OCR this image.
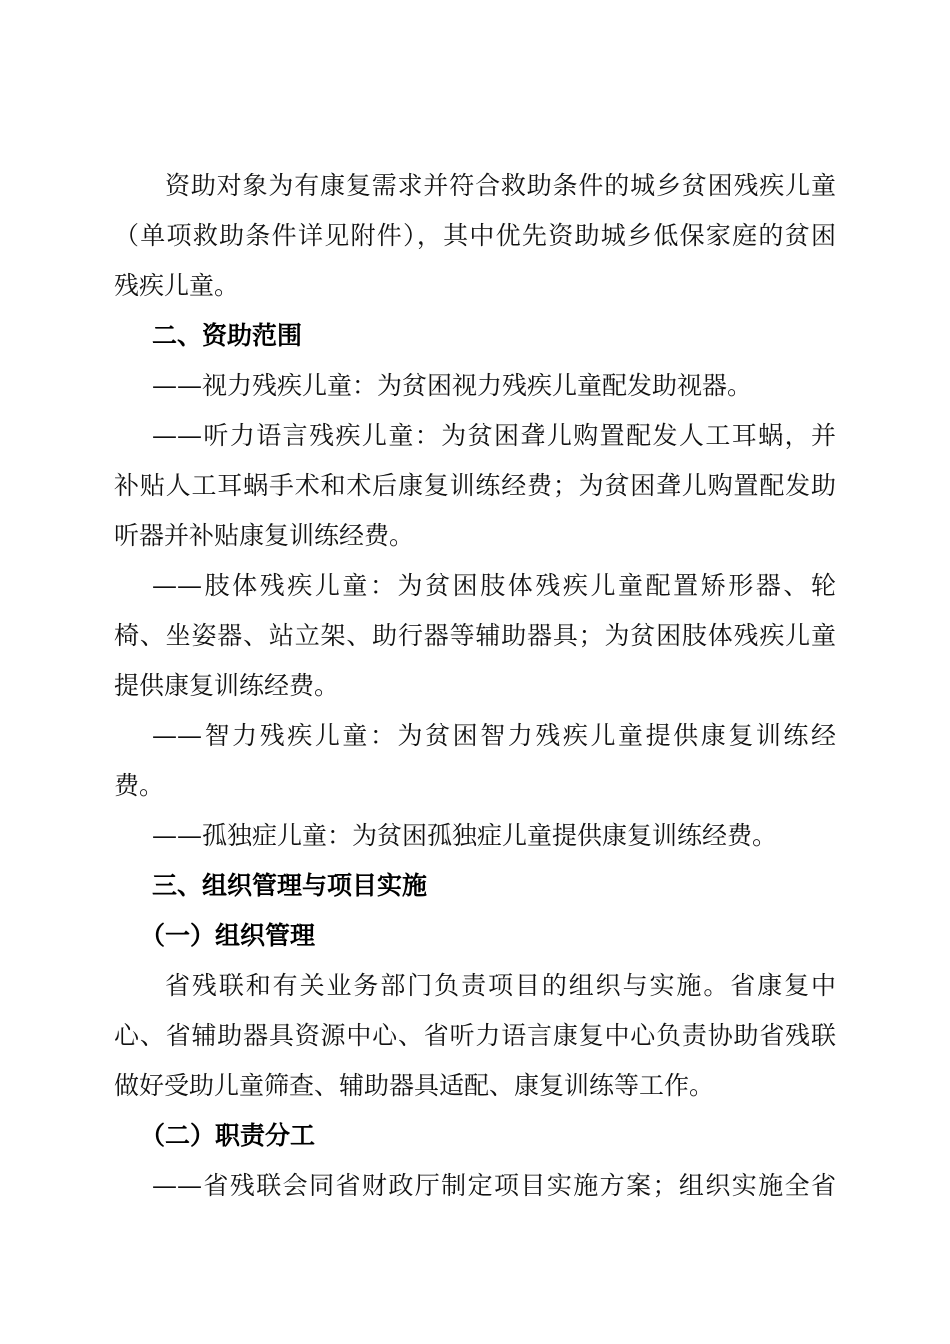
资助对象为有康复需求并符合救助条件的城乡贫困残疾儿童
（单项救助条件详见附件），其中优先资助城乡低保家庭的贫困
残疾儿童。
二、资助范围
——视力残疾儿童：为贫困视力残疾儿童配发助视器。
——听力语言残疾儿童：为贫困聋儿购置配发人工耳蜗，并
补贴人工耳蜗手术和术后康复训练经费；为贫困聋儿购置配发助
听器并补贴康复训练经费。
——肢体残疾儿童：为贫困肢体残疾儿童配置矫形器、轮
椅、坐姿器、站立架、助行器等辅助器具；为贫困肢体残疾儿童
提供康复训练经费。
——智力残疾儿童：为贫困智力残疾儿童提供康复训练经
费。
——孤独症儿童：为贫困孤独症儿童提供康复训练经费。
三、组织管理与项目实施
（一）组织管理
省残联和有关业务部门负责项目的组织与实施。省康复中
心、省辅助器具资源中心、省听力语言康复中心负责协助省残联
做好受助儿童筛查、辅助器具适配、康复训练等工作。
（二）职责分工
——省残联会同省财政厅制定项目实施方案；组织实施全省
